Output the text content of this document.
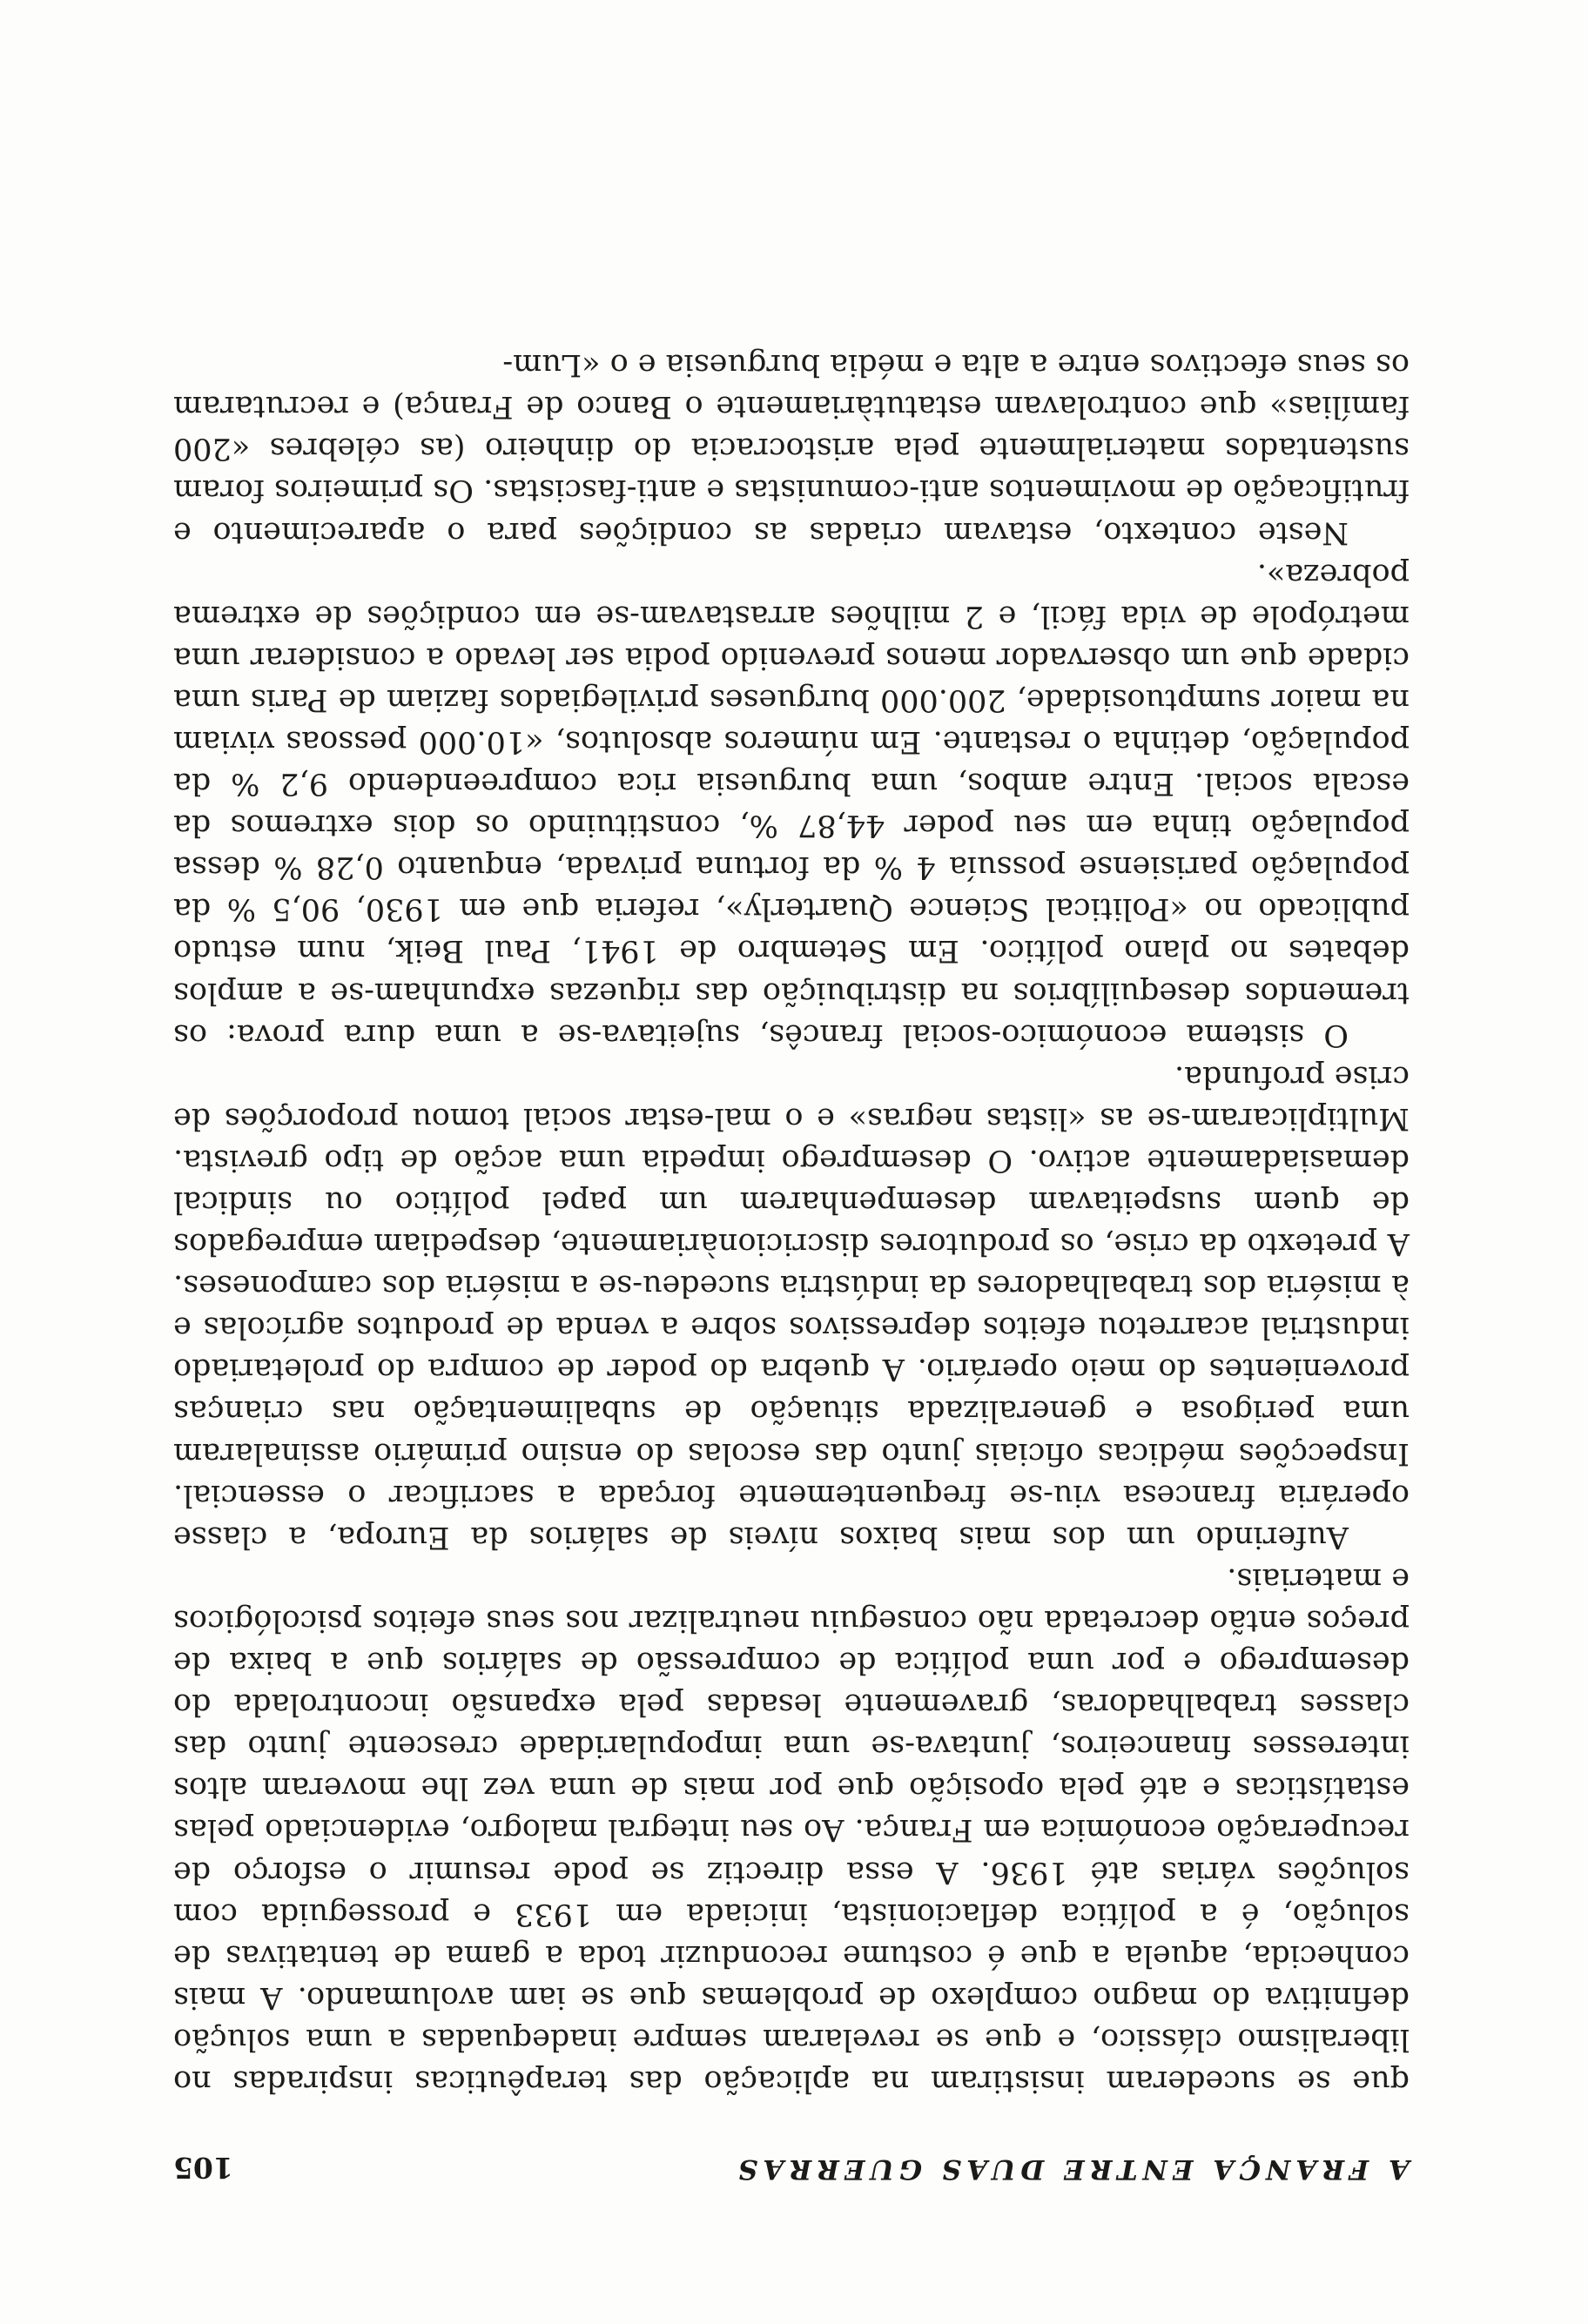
A FRANÇA ENTRE DUAS GUERRAS
105

que se sucederam insistiram na aplicação das terapêuticas inspiradas no liberalismo clássico, e que se revelaram sempre inadequadas a uma solução definitiva do magno complexo de problemas que se iam avolumando. A mais conhecida, aquela a que é costume reconduzir toda a gama de tentativas de solução, é a política deflacionista, iniciada em 1933 e prosseguida com soluções várias até 1936. A essa directiz se pode resumir o esforço de recuperação económica em França. Ao seu integral malogro, evidenciado pelas estatísticas e até pela oposição que por mais de uma vez lhe moveram altos interesses financeiros, juntava-se uma impopularidade crescente junto das classes trabalhadoras, gravemente lesadas pela expansão incontrolada do desemprego e por uma política de compressão de salários que a baixa de preços então decretada não conseguiu neutralizar nos seus efeitos psicológicos e materiais.

Auferindo um dos mais baixos níveis de salários da Europa, a classe operária francesa viu-se frequentemente forçada a sacrificar o essencial. Inspecções médicas oficiais junto das escolas do ensino primário assinalaram uma perigosa e generalizada situação de subalimentação nas crianças provenientes do meio operário. A quebra do poder de compra do proletariado industrial acarretou efeitos depressivos sobre a venda de produtos agrícolas e à miséria dos trabalhadores da indústria sucedeu-se a miséria dos camponeses. A pretexto da crise, os produtores discricionàriamente, despediam empregados de quem suspeitavam desempenharem um papel político ou sindical demasiadamente activo. O desemprego impedia uma acção de tipo grevista. Multiplicaram-se as «listas negras» e o mal-estar social tomou proporções de crise profunda.

O sistema económico-social francês, sujeitava-se a uma dura prova: os tremendos desequilíbrios na distribuição das riquezas expunham-se a amplos debates no plano político. Em Setembro de 1941, Paul Beik, num estudo publicado no «Political Science Quarterly», referia que em 1930, 90,5 % da população parisiense possuía 4 % da fortuna privada, enquanto 0,28 % dessa população tinha em seu poder 44,87 %, constituindo os dois extremos da escala social. Entre ambos, uma burguesia rica compreendendo 9,2 % da população, detinha o restante. Em números absolutos, «10.000 pessoas viviam na maior sumptuosidade, 200.000 burgueses privilegiados faziam de Paris uma cidade que um observador menos prevenido podia ser levado a considerar uma metrópole de vida fácil, e 2 milhões arrastavam-se em condições de extrema pobreza».

Neste contexto, estavam criadas as condições para o aparecimento e frutificação de movimentos anti-comunistas e anti-fascistas. Os primeiros foram sustentados materialmente pela aristocracia do dinheiro (as célebres «200 famílias» que controlavam estatutàriamente o Banco de França) e recrutaram os seus efectivos entre a alta e média burguesia e o «Lum-
